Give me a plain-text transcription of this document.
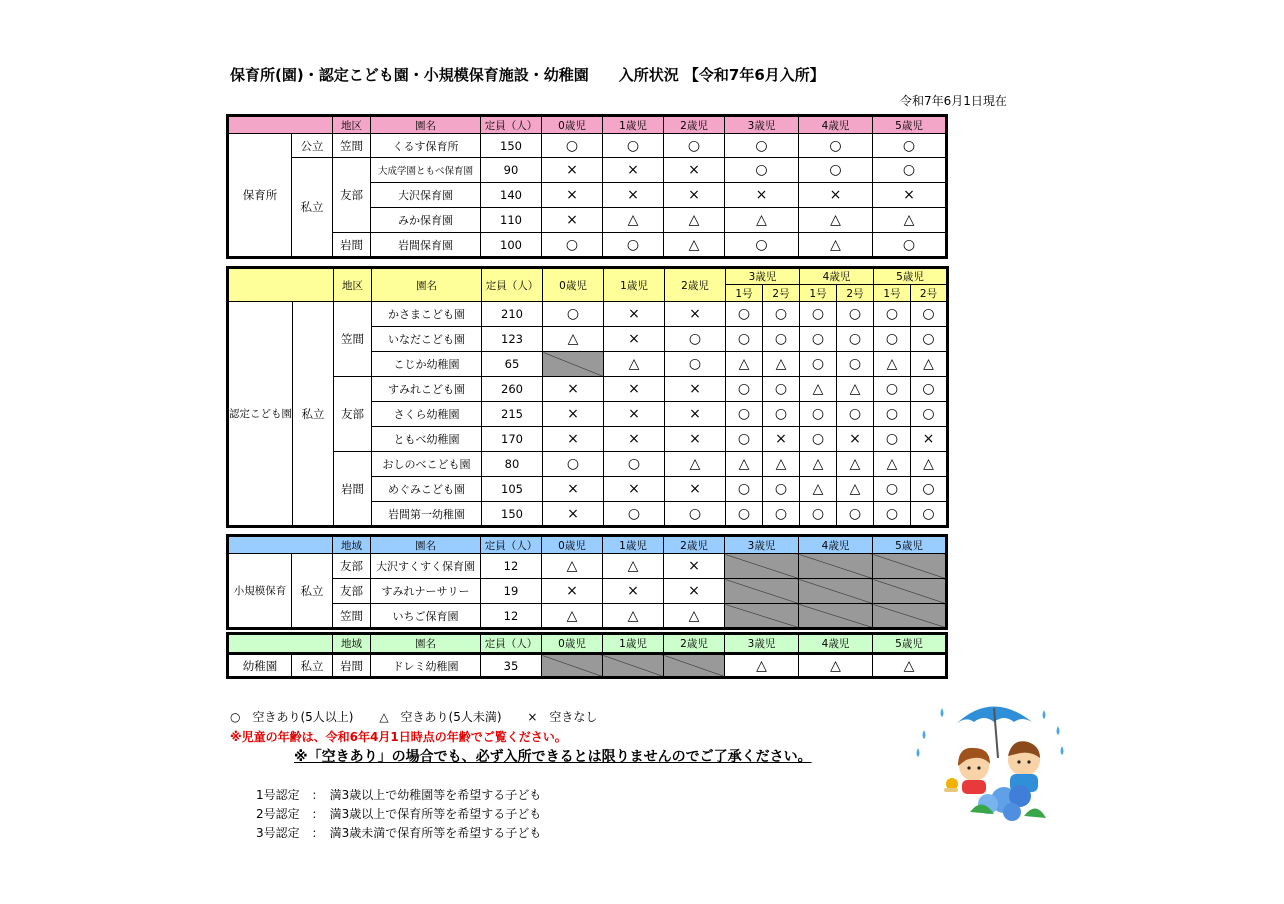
保育所(園)・認定こども園・小規模保育施設・幼稚園　　入所状況 【令和7年6月入所】
令和7年6月1日現在
		地区	園名	定員（人）	0歳児	1歳児	2歳児	3歳児	4歳児	5歳児
保育所	公立	笠間	くるす保育所	150	○	○	○	○	○	○
	私立	友部	大成学園ともべ保育園	90	×	×	×	○	○	○
			大沢保育園	140	×	×	×	×	×	×
			みか保育園	110	×	△	△	△	△	△
		岩間	岩間保育園	100	○	○	△	○	△	○
		地区	園名	定員（人）	0歳児	1歳児	2歳児	3歳児		4歳児		5歳児	
								1号	2号	1号	2号	1号	2号
認定こども園	私立	笠間	かさまこども園	210	○	×	×	○	○	○	○	○	○
			いなだこども園	123	△	×	○	○	○	○	○	○	○
			こじか幼稚園	65		△	○	△	△	○	○	△	△
		友部	すみれこども園	260	×	×	×	○	○	△	△	○	○
			さくら幼稚園	215	×	×	×	○	○	○	○	○	○
			ともべ幼稚園	170	×	×	×	○	×	○	×	○	×
		岩間	おしのべこども園	80	○	○	△	△	△	△	△	△	△
			めぐみこども園	105	×	×	×	○	○	△	△	○	○
			岩間第一幼稚園	150	×	○	○	○	○	○	○	○	○
		地域	園名	定員（人）	0歳児	1歳児	2歳児	3歳児	4歳児	5歳児
小規模保育	私立	友部	大沢すくすく保育園	12	△	△	×			
		友部	すみれナーサリー	19	×	×	×			
		笠間	いちご保育園	12	△	△	△			
		地域	園名	定員（人）	0歳児	1歳児	2歳児	3歳児	4歳児	5歳児
幼稚園	私立	岩間	ドレミ幼稚園	35				△	△	△
○　空きあり(5人以上) △　空きあり(5人未満) ×　空きなし
※児童の年齢は、令和6年4月1日時点の年齢でご覧ください。
※「空きあり」の場合でも、必ず入所できるとは限りませんのでご了承ください。
1号認定　：　満3歳以上で幼稚園等を希望する子ども
2号認定　：　満3歳以上で保育所等を希望する子ども
3号認定　：　満3歳未満で保育所等を希望する子ども
